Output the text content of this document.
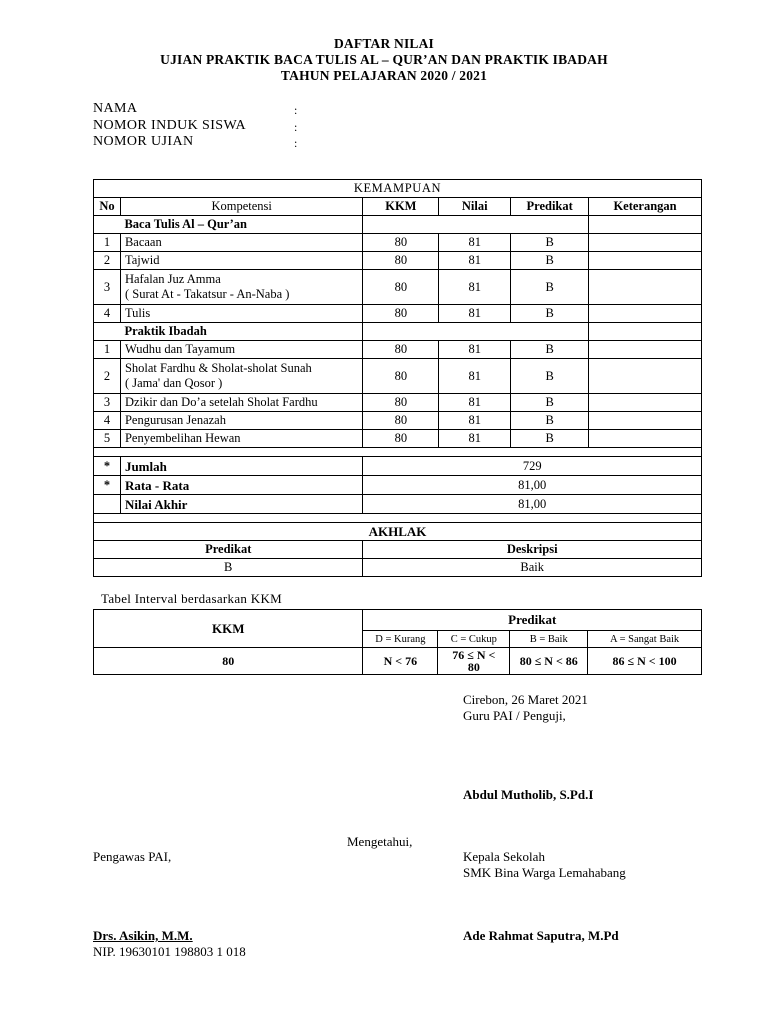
DAFTAR NILAI
UJIAN PRAKTIK BACA TULIS AL – QUR’AN DAN PRAKTIK IBADAH
TAHUN PELAJARAN 2020 / 2021
NAMA	:
NOMOR INDUK SISWA	:
NOMOR UJIAN	:
KEMAMPUAN					
No	Kompetensi	KKM	Nilai	Predikat	Keterangan
	Baca Tulis Al – Qur’an				
1	Bacaan	80	81	B	
2	Tajwid	80	81	B	
3	Hafalan Juz Amma
( Surat At - Takatsur - An-Naba )	80	81	B	
4	Tulis	80	81	B	
	Praktik Ibadah				
1	Wudhu dan Tayamum	80	81	B	
2	Sholat Fardhu & Sholat-sholat Sunah
( Jama' dan Qosor )	80	81	B	
3	Dzikir dan Do’a setelah Sholat Fardhu	80	81	B	
4	Pengurusan Jenazah	80	81	B	
5	Penyembelihan Hewan	80	81	B	

*	Jumlah	729			
*	Rata - Rata	81,00			
	Nilai Akhir	81,00			

AKHLAK					
Predikat		Deskripsi			
B		Baik			
Tabel Interval berdasarkan KKM
KKM	Predikat			
	D = Kurang	C = Cukup	B = Baik	A = Sangat Baik
80	N < 76	76 ≤ N < 80	80 ≤ N < 86	86 ≤ N < 100
Cirebon, 26 Maret 2021
Guru PAI / Penguji,
Abdul Mutholib, S.Pd.I
Mengetahui,
Pengawas PAI,	Kepala Sekolah
SMK Bina Warga Lemahabang
Drs. Asikin, M.M.
NIP. 19630101 198803 1 018
Ade Rahmat Saputra, M.Pd
